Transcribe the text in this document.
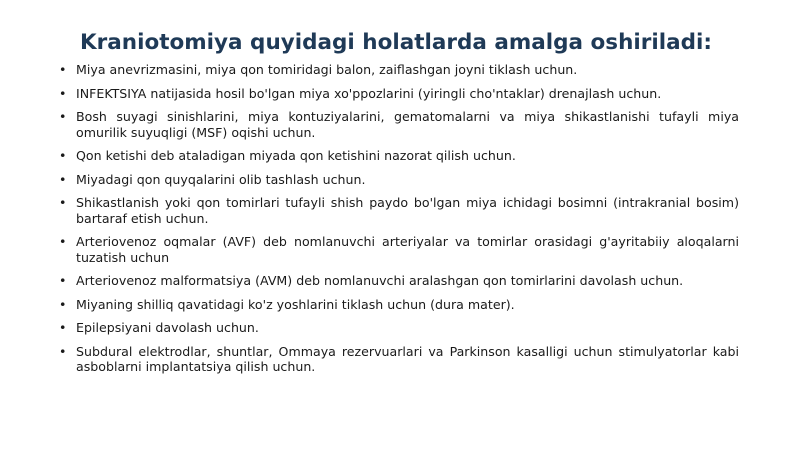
Kraniotomiya quyidagi holatlarda amalga oshiriladi:
• Miya anevrizmasini, miya qon tomiridagi balon, zaiflashgan joyni tiklash uchun.
• INFEKTSIYA natijasida hosil bo'lgan miya xo'ppozlarini (yiringli cho'ntaklar) drenajlash uchun.
• Bosh suyagi sinishlarini, miya kontuziyalarini, gematomalarni va miya shikastlanishi tufayli miya omurilik suyuqligi (MSF) oqishi uchun.
• Qon ketishi deb ataladigan miyada qon ketishini nazorat qilish uchun.
• Miyadagi qon quyqalarini olib tashlash uchun.
• Shikastlanish yoki qon tomirlari tufayli shish paydo bo'lgan miya ichidagi bosimni (intrakranial bosim) bartaraf etish uchun.
• Arteriovenoz oqmalar (AVF) deb nomlanuvchi arteriyalar va tomirlar orasidagi g'ayritabiiy aloqalarni tuzatish uchun
• Arteriovenoz malformatsiya (AVM) deb nomlanuvchi aralashgan qon tomirlarini davolash uchun.
• Miyaning shilliq qavatidagi ko'z yoshlarini tiklash uchun (dura mater).
• Epilepsiyani davolash uchun.
• Subdural elektrodlar, shuntlar, Ommaya rezervuarlari va Parkinson kasalligi uchun stimulyatorlar kabi asboblarni implantatsiya qilish uchun.
